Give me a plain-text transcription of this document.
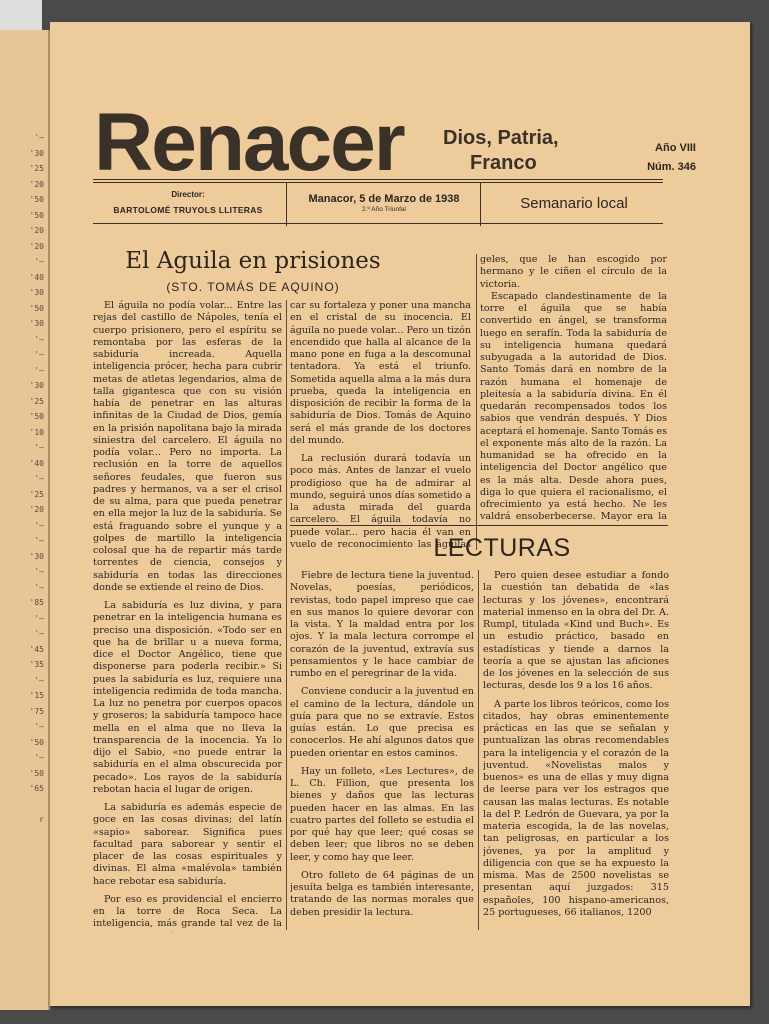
'—
'30
'25
'20
'50
'50
'20
'20
'—
'40
'30
'50
'30
'—
'—
'—
'30
'25
'50
'10
'—
'40
'—
'25
'20
'—
'—
'30
'—
'—
'85
'—
'—
'45
'35
'—
'15
'75
'—
'50
'—
'50
'65
r
Renacer Dios, Patria,
Franco
Año VIII
Núm. 346
Director:
BARTOLOMÉ TRUYOLS LLITERAS
Manacor, 5 de Marzo de 1938
2.º Año Triunfal	Semanario local
El Aguila en prisiones
(STO. TOMÁS DE AQUINO)

El águila no podía volar... Entre las rejas del castillo de Nápoles, tenía el cuerpo prisionero, pero el espíritu se remontaba por las esferas de la sabiduría increada. Aquella inteligencia prócer, hecha para cubrir metas de atletas legendarios, alma de talla gigantesca que con su visión había de penetrar en las alturas infinitas de la Ciudad de Dios, gemía en la prisión napolitana bajo la mirada siniestra del carcelero. El águila no podía volar... Pero no importa. La reclusión en la torre de aquellos señores feudales, que fueron sus padres y hermanos, va a ser el crisol de su alma, para que pueda penetrar en ella mejor la luz de la sabiduría. Se está fraguando sobre el yunque y a golpes de martillo la inteligencia colosal que ha de repartir más tarde torrentes de ciencia, consejos y sabiduría en todas las direcciones donde se extiende el reino de Dios.

La sabiduría es luz divina, y para penetrar en la inteligencia humana es preciso una disposición. «Todo ser en que ha de brillar u a nueva forma, dice el Doctor Angélico, tiene que disponerse para poderla recibir.» Si pues la sabiduría es luz, requiere una inteligencia redimida de toda mancha. La luz no penetra por cuerpos opacos y groseros; la sabiduría tampoco hace mella en el alma que no lleva la transparencia de la inocencia. Ya lo dijo el Sabio, «no puede entrar la sabiduría en el alma obscurecida por pecado». Los rayos de la sabiduría rebotan hacia el lugar de origen.

La sabiduría es además especie de goce en las cosas divinas; del latín «sapio» saborear. Significa pues facultad para saborear y sentir el placer de las cosas espirituales y divinas. El alma «malévola» también hace rebotar esa sabiduría.

Por eso es providencial el encierro en la torre de Roca Seca. La inteligencia, más grande tal vez de la

car su fortaleza y poner una mancha en el cristal de su inocencia. El águila no puede volar... Pero un tizón encendido que halla al alcance de la mano pone en fuga a la descomunal tentadora. Ya está el triunfo. Sometida aquella alma a la más dura prueba, queda la inteligencia en disposición de recibir la forma de la sabiduría de Dios. Tomás de Aquino será el más grande de los doctores del mundo.

La reclusión durará todavía un poco más. Antes de lanzar el vuelo prodigioso que ha de admirar al mundo, seguirá unos días sometido a la adusta mirada del guarda carcelero. El águila todavía no puede volar... pero hacia él van en vuelo de reconocimiento las águilas

geles, que le han escogido por hermano y le ciñen el círculo de la victoria.

Escapado clandestinamente de la torre el águila que se había convertido en ángel, se transforma luego en serafín. Toda la sabiduría de su inteligencia humana quedará subyugada a la autoridad de Dios. Santo Tomás dará en nombre de la razón humana el homenaje de pleitesía a la sabiduría divina. En él quedarán recompensados todos los sabios que vendrán después. Y Dios aceptará el homenaje. Santo Tomás es el exponente más alto de la razón. La humanidad se ha ofrecido en la inteligencia del Doctor angélico que es la más alta. Desde ahora pues, diga lo que quiera el racionalismo, el ofrecimiento ya está hecho. Ne les valdrá ensoberbecerse. Mayor era la

LECTURAS

Fiebre de lectura tiene la juventud. Novelas, poesías, periódicos, revistas, todo papel impreso que cae en sus manos lo quiere devorar con la vista. Y la maldad entra por los ojos. Y la mala lectura corrompe el corazón de la juventud, extravía sus pensamientos y le hace cambiar de rumbo en el peregrinar de la vida.

Conviene conducir a la juventud en el camino de la lectura, dándole un guía para que no se extravíe. Estos guías están. Lo que precisa es conocerlos. He ahí algunos datos que pueden orientar en estos caminos.

Hay un folleto, «Les Lectures», de L. Ch. Fillion, que presenta los bienes y daños que las lecturas pueden hacer en las almas. En las cuatro partes del folleto se estudia el por qué hay que leer; qué cosas se deben leer; que libros no se deben leer, y como hay que leer.

Otro folleto de 64 páginas de un jesuíta belga es también interesante, tratando de las normas morales que deben presidir la lectura.

Pero quien desee estudiar a fondo la cuestión tan debatida de «las lecturas y los jóvenes», encontrará material inmenso en la obra del Dr. A. Rumpl, titulada «Kind und Buch». Es un estudio práctico, basado en estadísticas y tiende a darnos la teoría a que se ajustan las aficiones de los jóvenes en la selección de sus lecturas, desde los 9 a los 16 años.

A parte los libros teóricos, como los citados, hay obras eminentemente prácticas en las que se señalan y puntualizan las obras recomendables para la inteligencia y el corazón de la juventud. «Novelistas malos y buenos» es una de ellas y muy digna de leerse para ver los estragos que causan las malas lecturas. Es notable la del P. Ledrón de Guevara, ya por la materia escogida, la de las novelas, tan peligrosas, en particular a los jóvenes, ya por la amplitud y diligencia con que se ha expuesto la misma. Mas de 2500 novelistas se presentan aquí juzgados: 315 españoles, 100 hispano-americanos, 25 portugueses, 66 italianos, 1200
